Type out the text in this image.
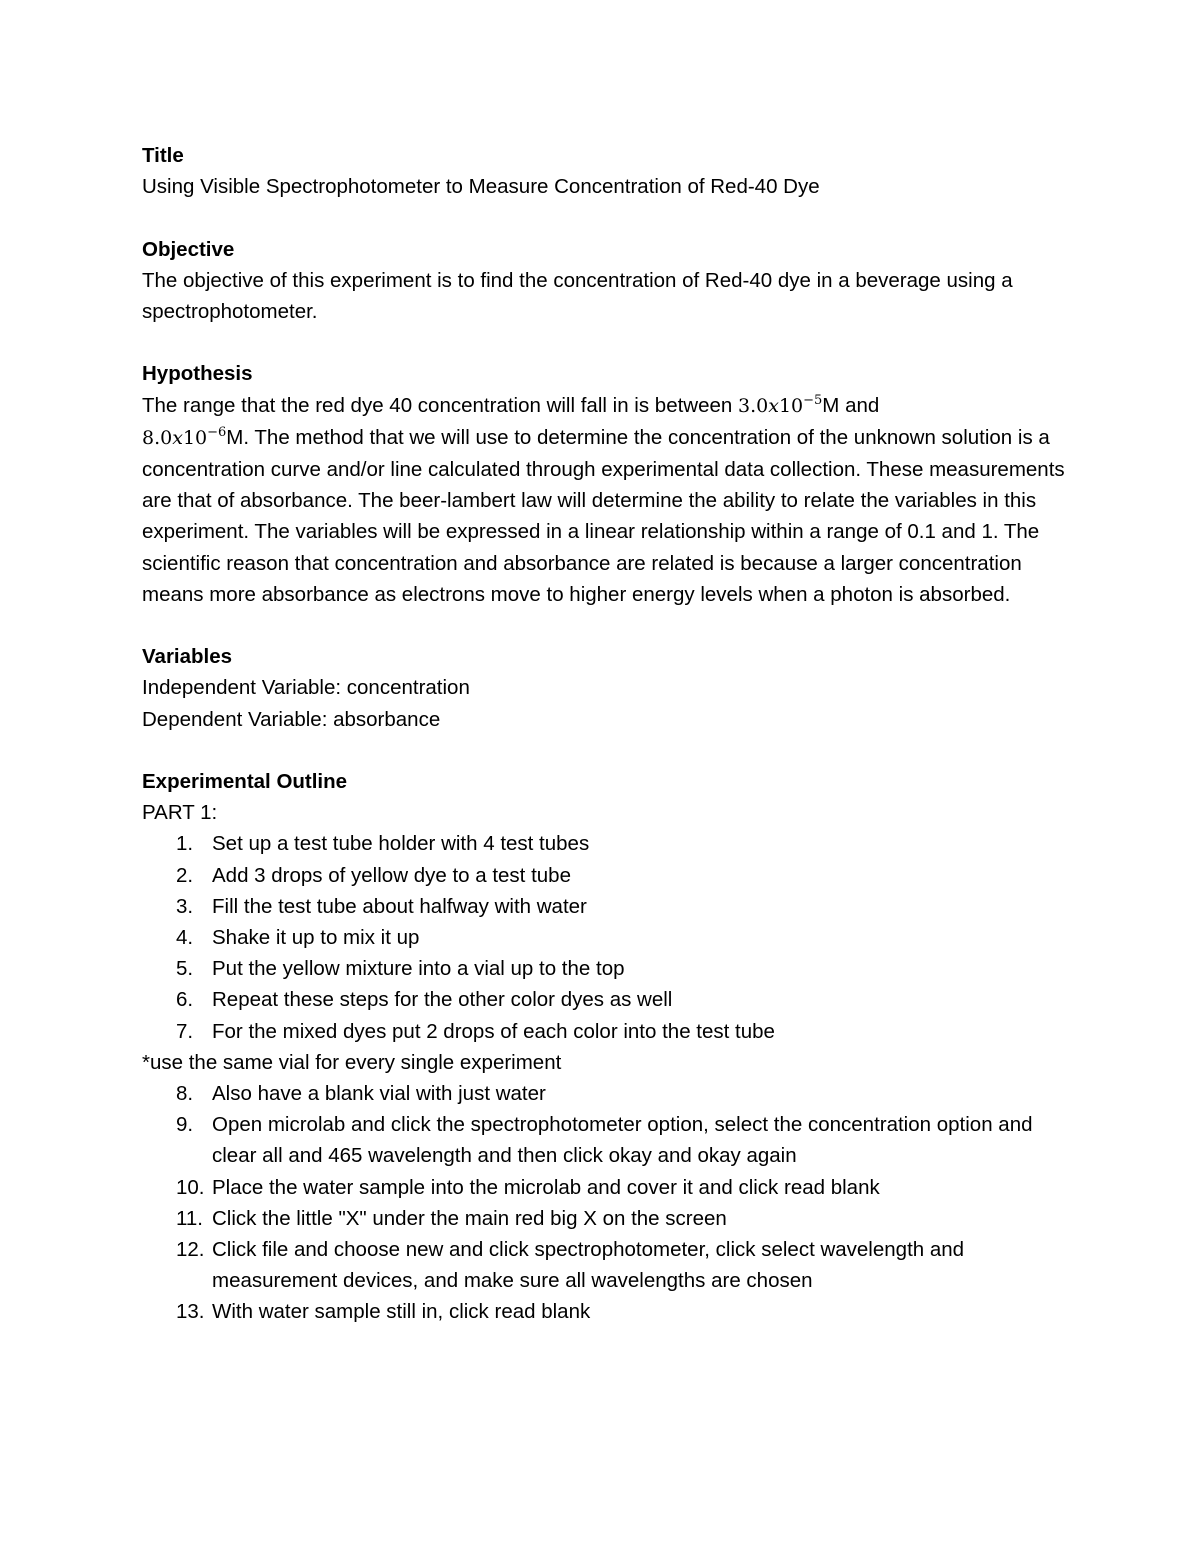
Title
Using Visible Spectrophotometer to Measure Concentration of Red-40 Dye
Objective
The objective of this experiment is to find the concentration of Red-40 dye in a beverage using a spectrophotometer.
Hypothesis
The range that the red dye 40 concentration will fall in is between $3.0x10^{-5}M$ and
$8.0x10^{-6}M$. The method that we will use to determine the concentration of the unknown solution is a concentration curve and/or line calculated through experimental data collection. These measurements are that of absorbance. The beer-lambert law will determine the ability to relate the variables in this experiment. The variables will be expressed in a linear relationship within a range of 0.1 and 1. The scientific reason that concentration and absorbance are related is because a larger concentration means more absorbance as electrons move to higher energy levels when a photon is absorbed.
Variables
Independent Variable: concentration
Dependent Variable: absorbance
Experimental Outline
PART 1:
1. Set up a test tube holder with 4 test tubes
2. Add 3 drops of yellow dye to a test tube
3. Fill the test tube about halfway with water
4. Shake it up to mix it up
5. Put the yellow mixture into a vial up to the top
6. Repeat these steps for the other color dyes as well
7. For the mixed dyes put 2 drops of each color into the test tube
*use the same vial for every single experiment
8. Also have a blank vial with just water
9. Open microlab and click the spectrophotometer option, select the concentration option and clear all and 465 wavelength and then click okay and okay again
10. Place the water sample into the microlab and cover it and click read blank
11. Click the little "X" under the main red big X on the screen
12. Click file and choose new and click spectrophotometer, click select wavelength and measurement devices, and make sure all wavelengths are chosen
13. With water sample still in, click read blank
